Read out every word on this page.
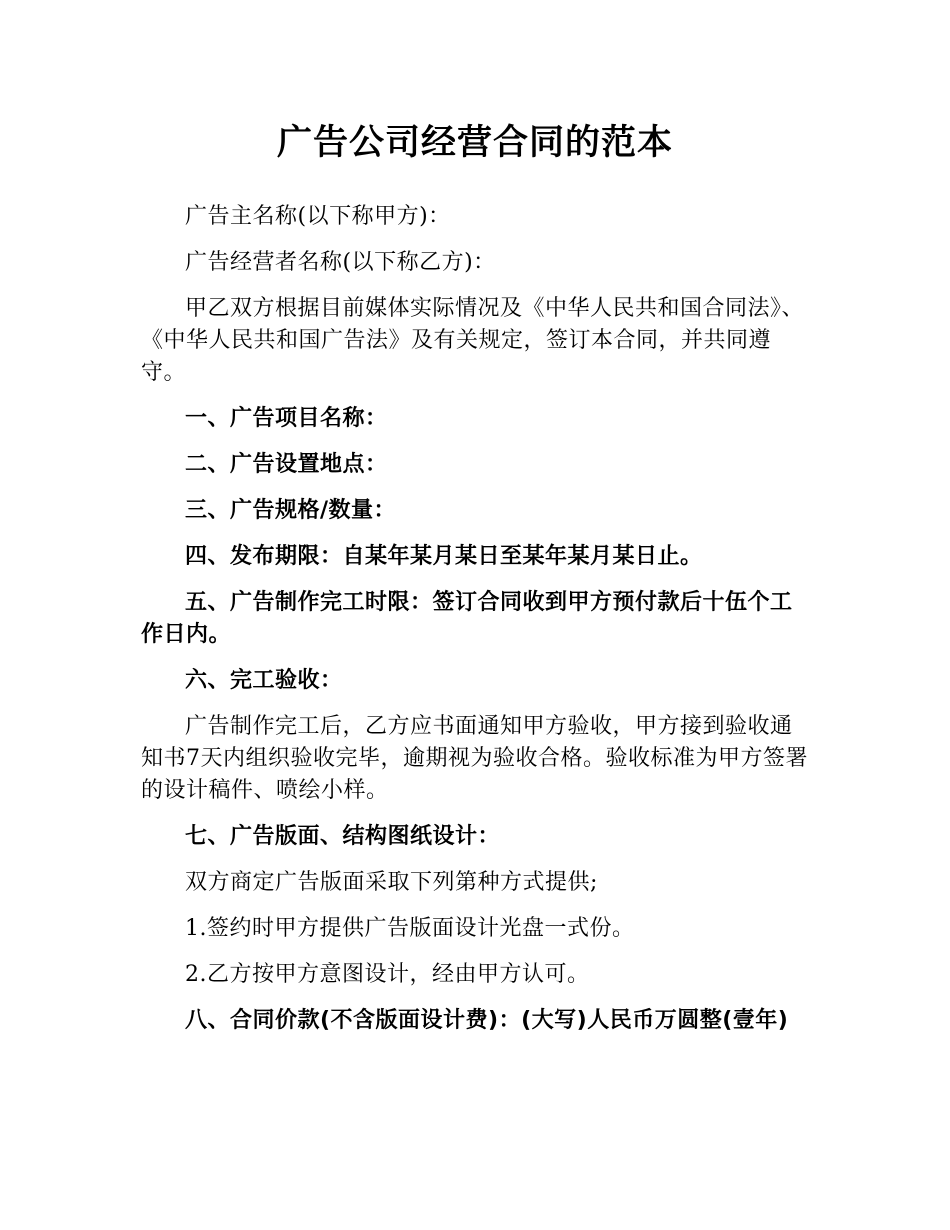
广告公司经营合同的范本

广告主名称(以下称甲方)：

广告经营者名称(以下称乙方)：

甲乙双方根据目前媒体实际情况及《中华人民共和国合同法》、《中华人民共和国广告法》及有关规定，签订本合同，并共同遵守。

一、广告项目名称：

二、广告设置地点：

三、广告规格/数量：

四、发布期限：自某年某月某日至某年某月某日止。

五、广告制作完工时限：签订合同收到甲方预付款后十伍个工作日内。

六、完工验收：

广告制作完工后，乙方应书面通知甲方验收，甲方接到验收通知书7天内组织验收完毕，逾期视为验收合格。验收标准为甲方签署的设计稿件、喷绘小样。

七、广告版面、结构图纸设计：

双方商定广告版面采取下列第种方式提供;

1.签约时甲方提供广告版面设计光盘一式份。

2.乙方按甲方意图设计，经由甲方认可。

八、合同价款(不含版面设计费)：(大写)人民币万圆整(壹年)
